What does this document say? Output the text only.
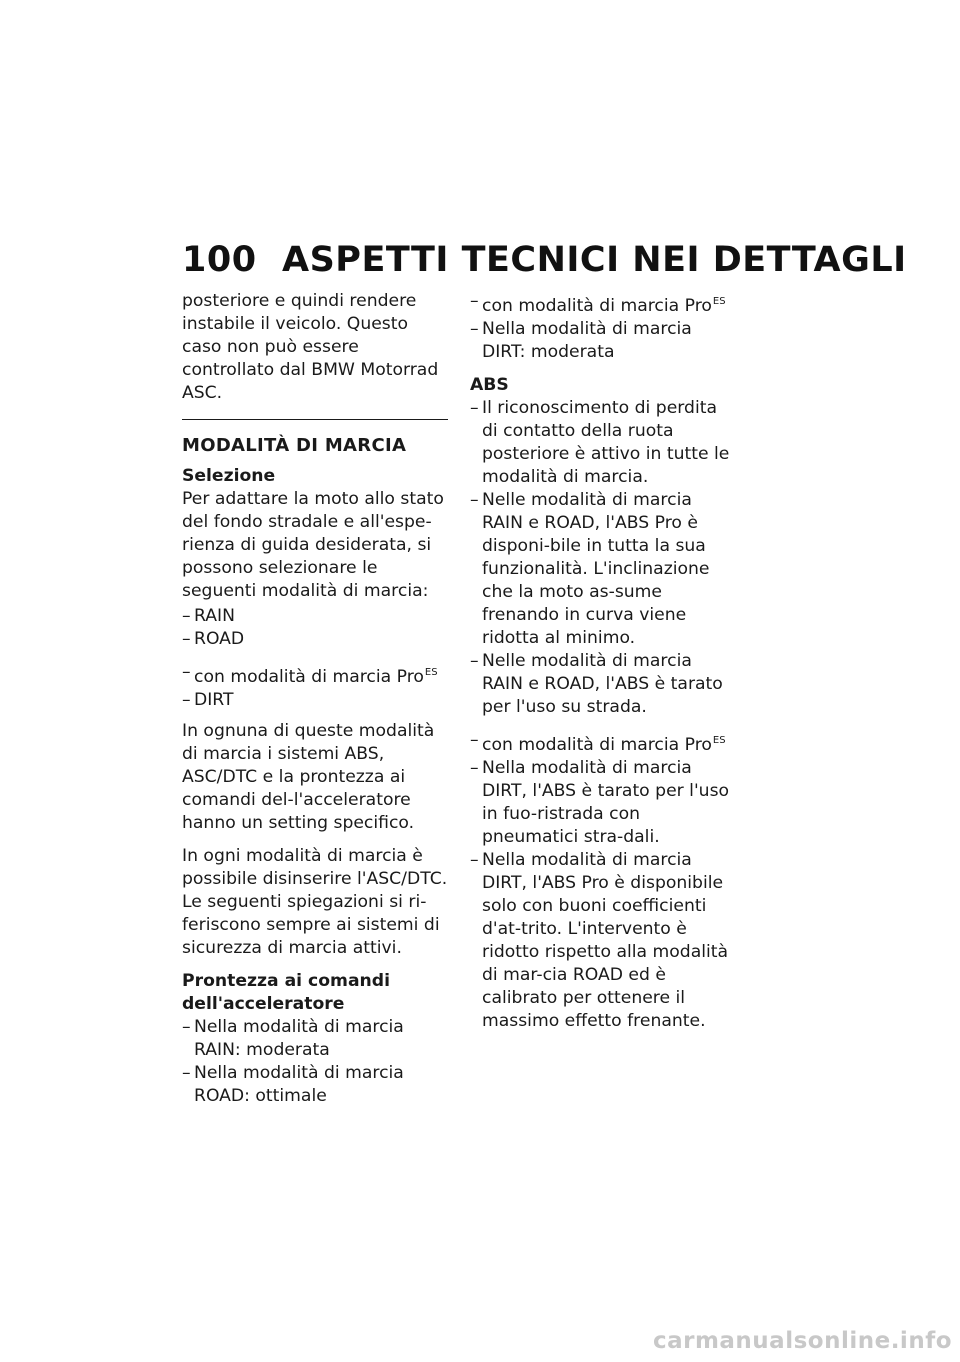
100 ASPETTI TECNICI NEI DETTAGLI

posteriore e quindi rendere instabile il veicolo. Questo caso non può essere controllato dal BMW Motorrad ASC.

MODALITÀ DI MARCIA
Selezione

Per adattare la moto allo stato del fondo stradale e all'espe-rienza di guida desiderata, si possono selezionare le seguenti modalità di marcia:

– RAIN
– ROAD
– con modalità di marcia Pro$^{ES}$
– DIRT

In ognuna di queste modalità di marcia i sistemi ABS, ASC/DTC e la prontezza ai comandi del-l'acceleratore hanno un setting specifico.

In ogni modalità di marcia è possibile disinserire l'ASC/DTC. Le seguenti spiegazioni si ri-feriscono sempre ai sistemi di sicurezza di marcia attivi.

Prontezza ai comandi dell'acceleratore
– Nella modalità di marcia RAIN: moderata
– Nella modalità di marcia ROAD: ottimale
– con modalità di marcia Pro$^{ES}$
– Nella modalità di marcia DIRT: moderata
ABS
– Il riconoscimento di perdita di contatto della ruota posteriore è attivo in tutte le modalità di marcia.
– Nelle modalità di marcia RAIN e ROAD, l'ABS Pro è disponi-bile in tutta la sua funzionalità. L'inclinazione che la moto as-sume frenando in curva viene ridotta al minimo.
– Nelle modalità di marcia RAIN e ROAD, l'ABS è tarato per l'uso su strada.
– con modalità di marcia Pro$^{ES}$
– Nella modalità di marcia DIRT, l'ABS è tarato per l'uso in fuo-ristrada con pneumatici stra-dali.
– Nella modalità di marcia DIRT, l'ABS Pro è disponibile solo con buoni coefficienti d'at-trito. L'intervento è ridotto rispetto alla modalità di mar-cia ROAD ed è calibrato per ottenere il massimo effetto frenante.
carmanualsonline.info
